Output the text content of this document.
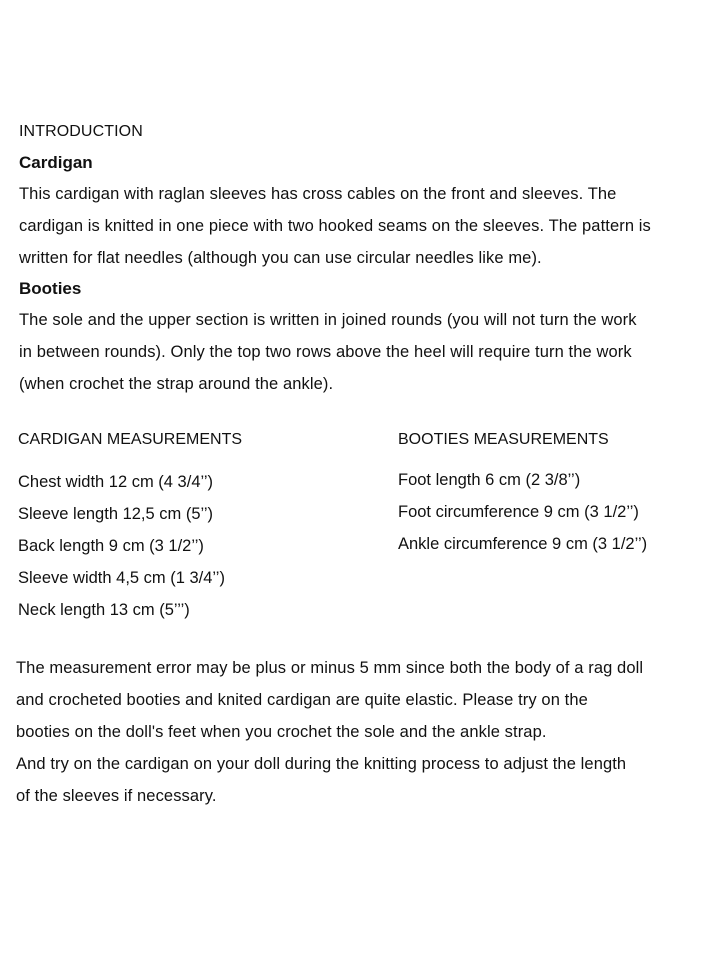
INTRODUCTION

Cardigan

This cardigan with raglan sleeves has cross cables on the front and sleeves. The

cardigan is knitted in one piece with two hooked seams on the sleeves. The pattern is

written for flat needles (although you can use circular needles like me).

Booties

The sole and the upper section is written in joined rounds (you will not turn the work

in between rounds). Only the top two rows above the heel will require turn the work

(when crochet the strap around the ankle).

CARDIGAN MEASUREMENTS

Chest width 12 cm (4 3/4’’)

Sleeve length 12,5 cm (5’’)

Back length 9 cm (3 1/2’’)

Sleeve width 4,5 cm (1 3/4’’)

Neck length 13 cm (5’’’)

BOOTIES MEASUREMENTS

Foot length 6 cm (2 3/8’’)

Foot circumference 9 cm (3 1/2’’)

Ankle circumference 9 cm (3 1/2’’)

The measurement error may be plus or minus 5 mm since both the body of a rag doll

and crocheted booties and knited cardigan are quite elastic. Please try on the

booties on the doll's feet when you crochet the sole and the ankle strap.

And try on the cardigan on your doll during the knitting process to adjust the length

of the sleeves if necessary.
